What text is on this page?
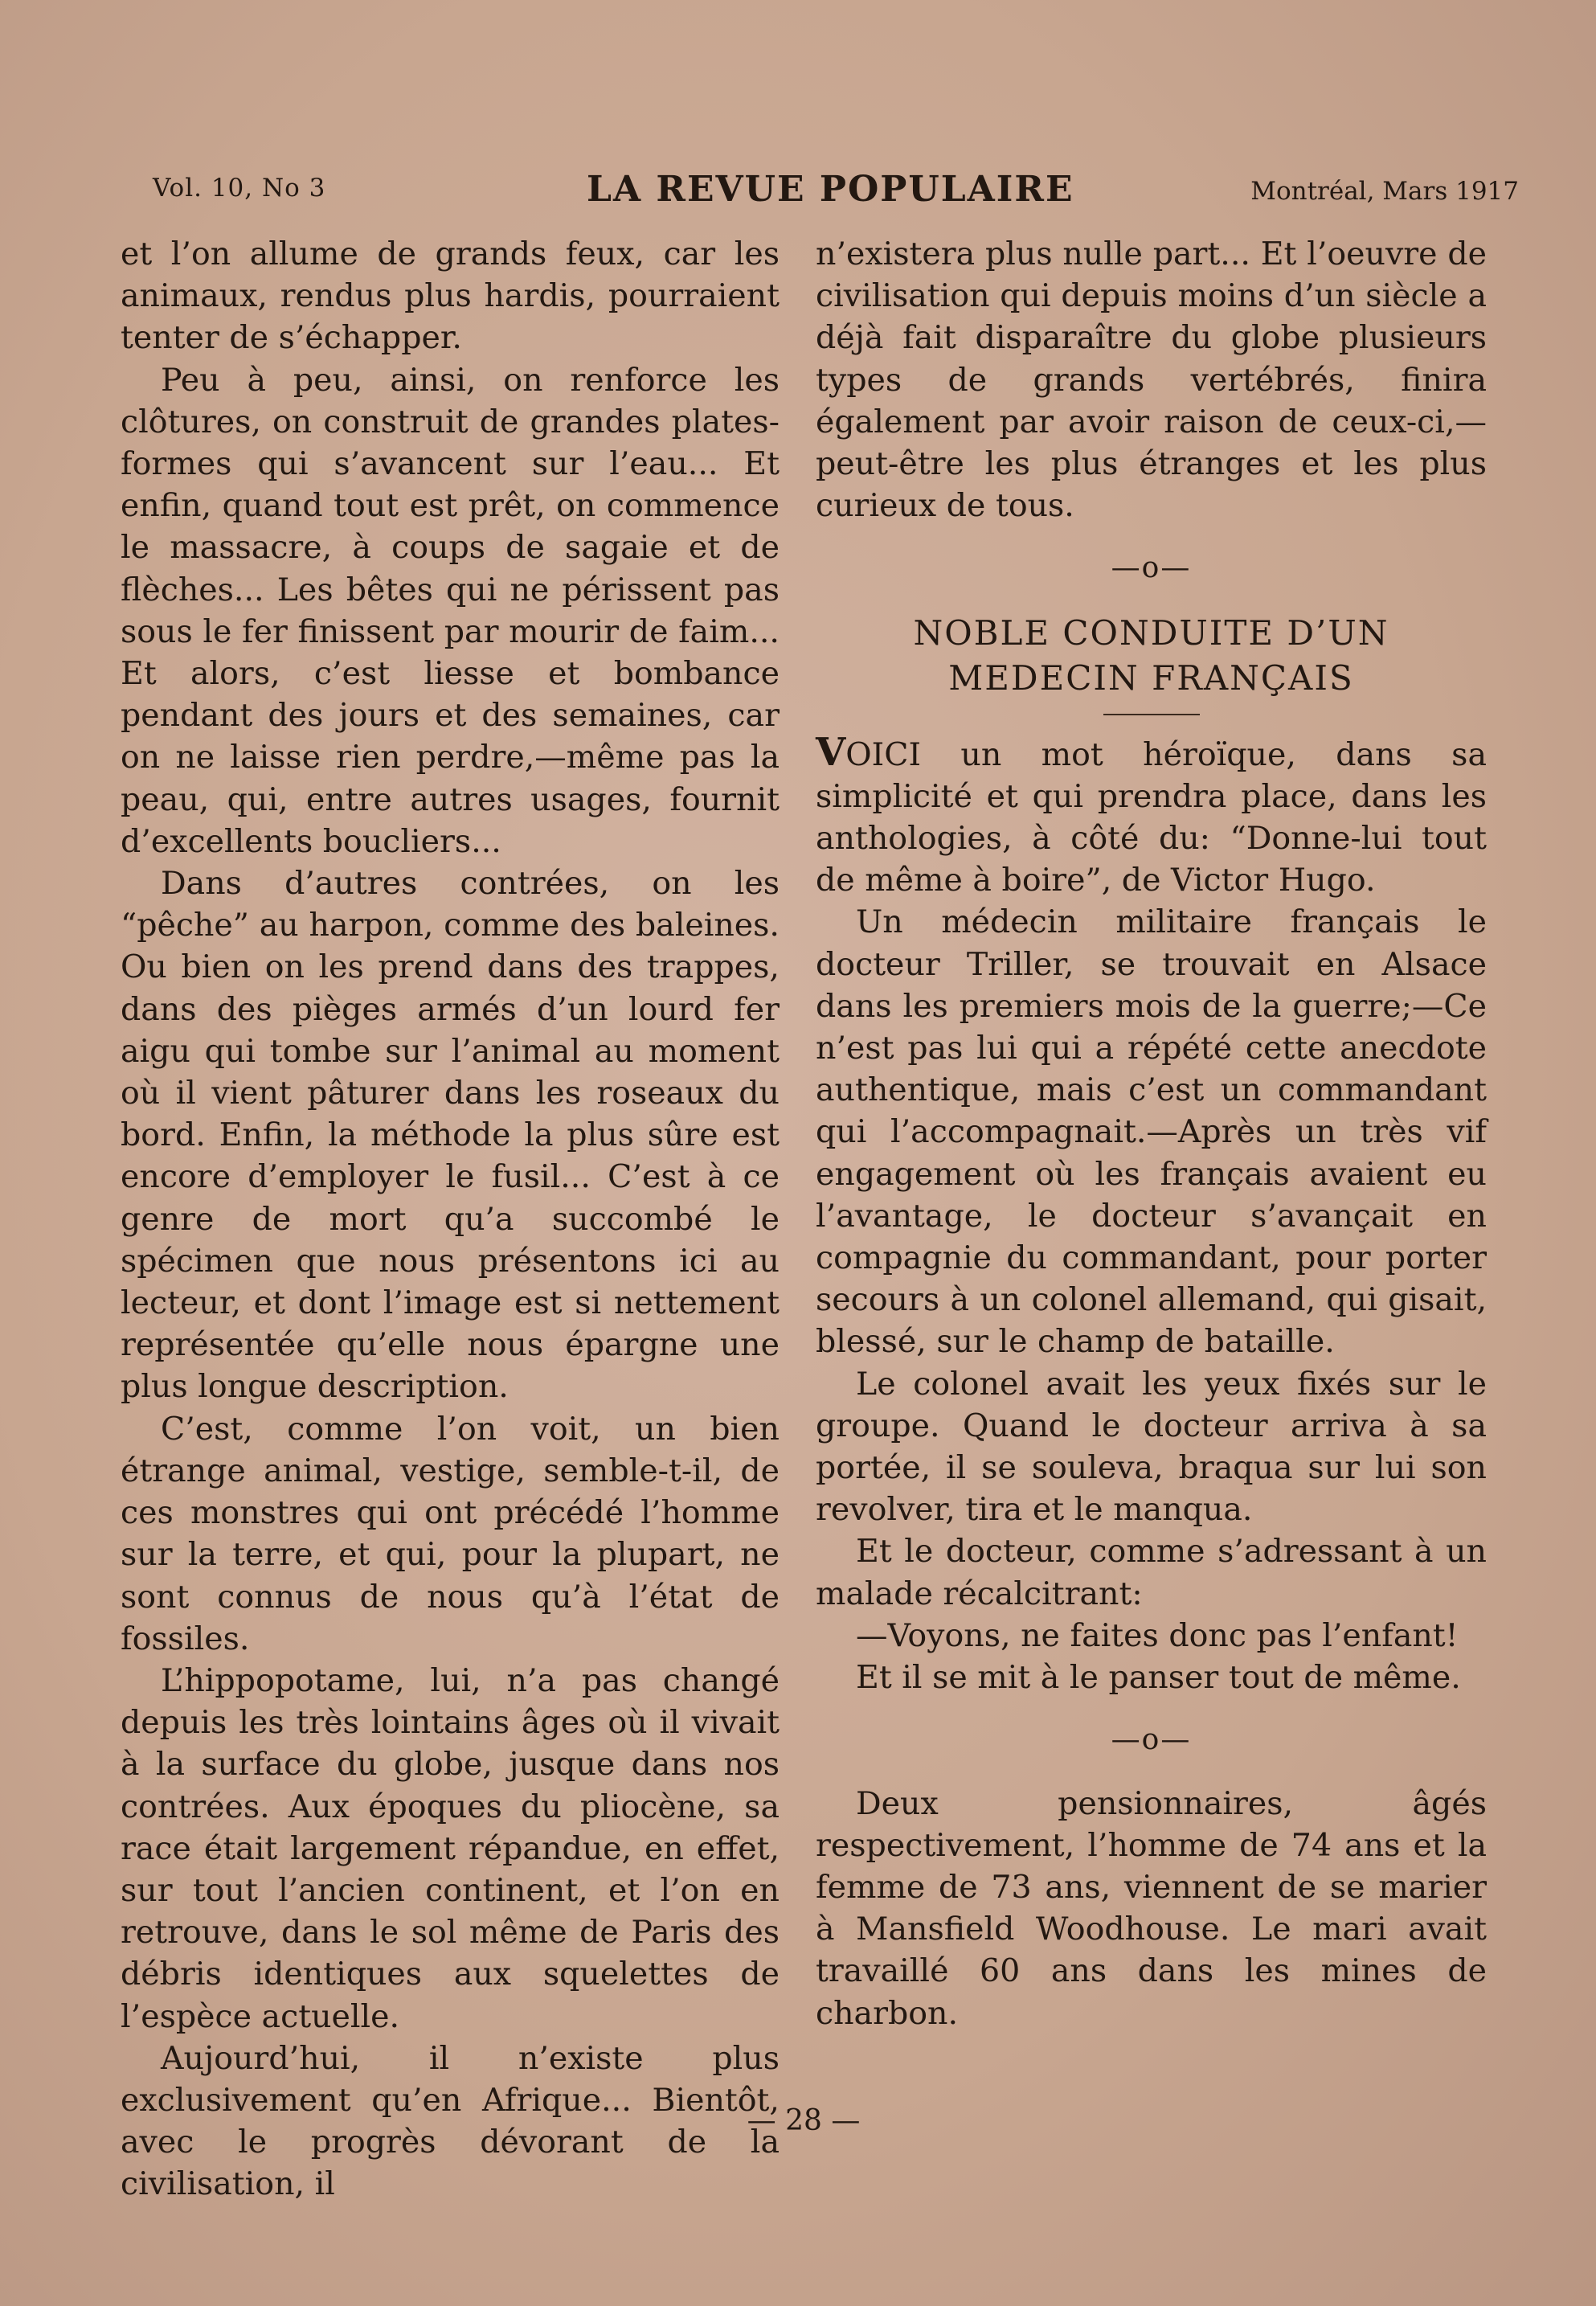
Vol. 10, No 3	LA REVUE POPULAIRE	Montréal, Mars 1917

et l’on allume de grands feux, car les animaux, rendus plus hardis, pourraient tenter de s’échapper.

Peu à peu, ainsi, on renforce les clôtures, on construit de grandes plates-formes qui s’avancent sur l’eau... Et enfin, quand tout est prêt, on commence le massacre, à coups de sagaie et de flèches... Les bêtes qui ne périssent pas sous le fer finissent par mourir de faim... Et alors, c’est liesse et bombance pendant des jours et des semaines, car on ne laisse rien perdre,—même pas la peau, qui, entre autres usages, fournit d’excellents boucliers...

Dans d’autres contrées, on les “pêche” au harpon, comme des baleines. Ou bien on les prend dans des trappes, dans des pièges armés d’un lourd fer aigu qui tombe sur l’animal au moment où il vient pâturer dans les roseaux du bord. Enfin, la méthode la plus sûre est encore d’employer le fusil... C’est à ce genre de mort qu’a succombé le spécimen que nous présentons ici au lecteur, et dont l’image est si nettement représentée qu’elle nous épargne une plus longue description.

C’est, comme l’on voit, un bien étrange animal, vestige, semble-t-il, de ces monstres qui ont précédé l’homme sur la terre, et qui, pour la plupart, ne sont connus de nous qu’à l’état de fossiles.

L’hippopotame, lui, n’a pas changé depuis les très lointains âges où il vivait à la surface du globe, jusque dans nos contrées. Aux époques du pliocène, sa race était largement répandue, en effet, sur tout l’ancien continent, et l’on en retrouve, dans le sol même de Paris des débris identiques aux squelettes de l’espèce actuelle.

Aujourd’hui, il n’existe plus exclusivement qu’en Afrique... Bientôt, avec le progrès dévorant de la civilisation, il

n’existera plus nulle part... Et l’oeuvre de civilisation qui depuis moins d’un siècle a déjà fait disparaître du globe plusieurs types de grands vertébrés, finira également par avoir raison de ceux-ci,—peut-être les plus étranges et les plus curieux de tous.

—o—
NOBLE CONDUITE D’UN MEDECIN FRANÇAIS

VOICI un mot héroïque, dans sa simplicité et qui prendra place, dans les anthologies, à côté du: “Donne-lui tout de même à boire”, de Victor Hugo.

Un médecin militaire français le docteur Triller, se trouvait en Alsace dans les premiers mois de la guerre;—Ce n’est pas lui qui a répété cette anecdote authentique, mais c’est un commandant qui l’accompagnait.—Après un très vif engagement où les français avaient eu l’avantage, le docteur s’avançait en compagnie du commandant, pour porter secours à un colonel allemand, qui gisait, blessé, sur le champ de bataille.

Le colonel avait les yeux fixés sur le groupe. Quand le docteur arriva à sa portée, il se souleva, braqua sur lui son revolver, tira et le manqua.

Et le docteur, comme s’adressant à un malade récalcitrant:

—Voyons, ne faites donc pas l’enfant!

Et il se mit à le panser tout de même.

—o—

Deux pensionnaires, âgés respectivement, l’homme de 74 ans et la femme de 73 ans, viennent de se marier à Mansfield Woodhouse. Le mari avait travaillé 60 ans dans les mines de charbon.

— 28 —
